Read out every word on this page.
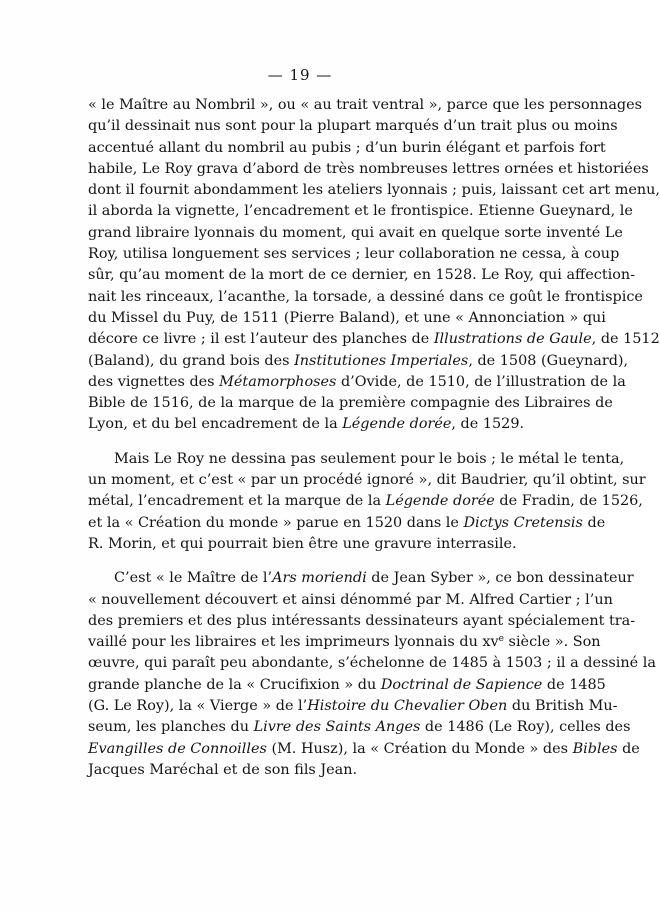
— 19 —
« le Maître au Nombril », ou « au trait ventral », parce que les personnages
qu’il dessinait nus sont pour la plupart marqués d’un trait plus ou moins
accentué allant du nombril au pubis ; d’un burin élégant et parfois fort
habile, Le Roy grava d’abord de très nombreuses lettres ornées et historiées
dont il fournit abondamment les ateliers lyonnais ; puis, laissant cet art menu,
il aborda la vignette, l’encadrement et le frontispice. Etienne Gueynard, le
grand libraire lyonnais du moment, qui avait en quelque sorte inventé Le
Roy, utilisa longuement ses services ; leur collaboration ne cessa, à coup
sûr, qu’au moment de la mort de ce dernier, en 1528. Le Roy, qui affection-
nait les rinceaux, l’acanthe, la torsade, a dessiné dans ce goût le frontispice
du Missel du Puy, de 1511 (Pierre Baland), et une « Annonciation » qui
décore ce livre ; il est l’auteur des planches de Illustrations de Gaule, de 1512
(Baland), du grand bois des Institutiones Imperiales, de 1508 (Gueynard),
des vignettes des Métamorphoses d’Ovide, de 1510, de l’illustration de la
Bible de 1516, de la marque de la première compagnie des Libraires de
Lyon, et du bel encadrement de la Légende dorée, de 1529.
Mais Le Roy ne dessina pas seulement pour le bois ; le métal le tenta,
un moment, et c’est « par un procédé ignoré », dit Baudrier, qu’il obtint, sur
métal, l’encadrement et la marque de la Légende dorée de Fradin, de 1526,
et la « Création du monde » parue en 1520 dans le Dictys Cretensis de
R. Morin, et qui pourrait bien être une gravure interrasile.
C’est « le Maître de l’Ars moriendi de Jean Syber », ce bon dessinateur
« nouvellement découvert et ainsi dénommé par M. Alfred Cartier ; l’un
des premiers et des plus intéressants dessinateurs ayant spécialement tra-
vaillé pour les libraires et les imprimeurs lyonnais du $xv^e$ siècle ». Son
œuvre, qui paraît peu abondante, s’échelonne de 1485 à 1503 ; il a dessiné la
grande planche de la « Crucifixion » du Doctrinal de Sapience de 1485
(G. Le Roy), la « Vierge » de l’Histoire du Chevalier Oben du British Mu-
seum, les planches du Livre des Saints Anges de 1486 (Le Roy), celles des
Evangilles de Connoilles (M. Husz), la « Création du Monde » des Bibles de
Jacques Maréchal et de son fils Jean.
